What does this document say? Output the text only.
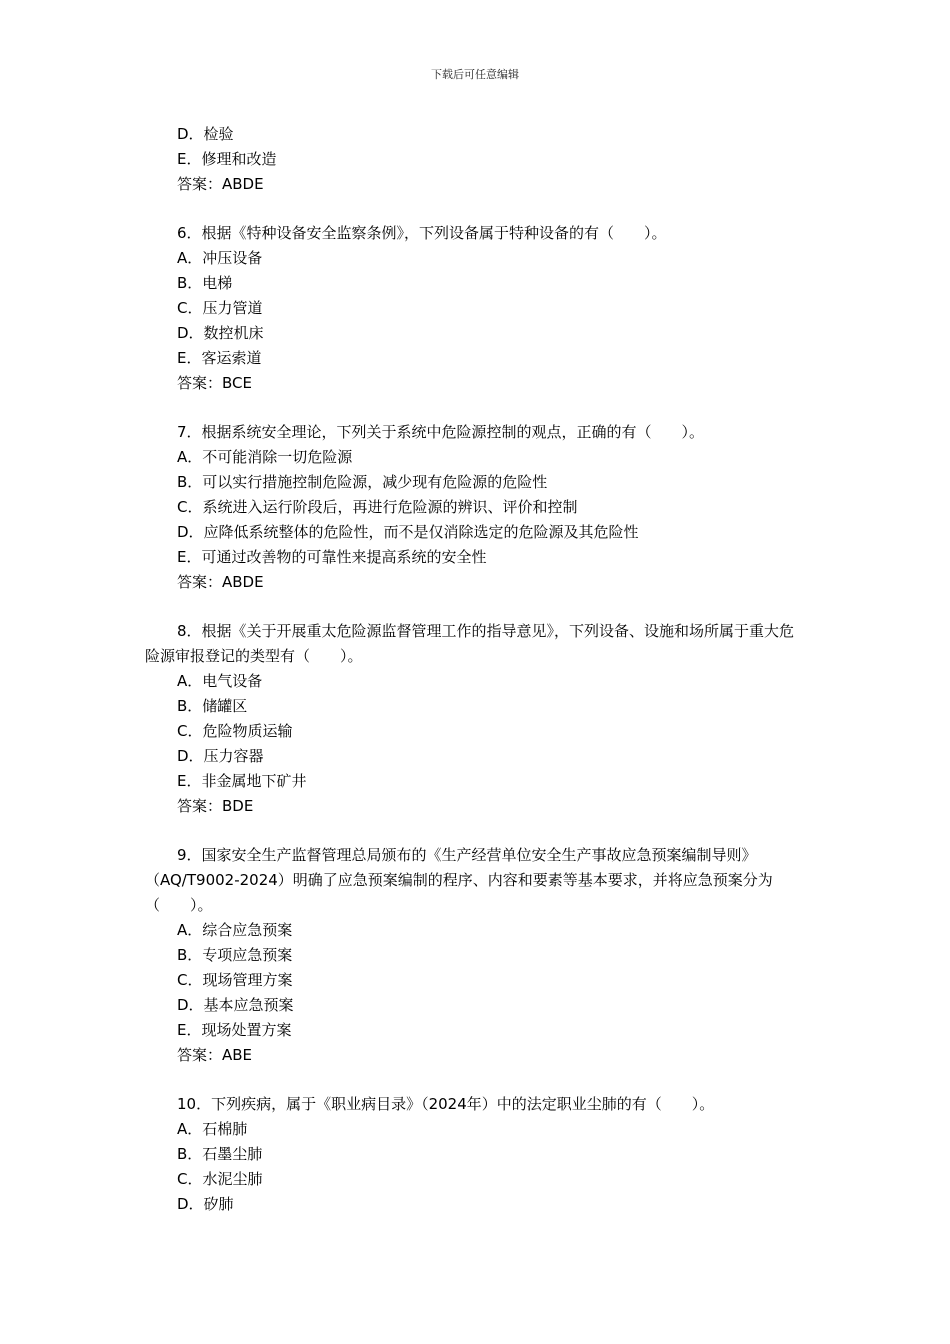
下载后可任意编辑
D．检验
E．修理和改造
答案：ABDE
6．根据《特种设备安全监察条例》，下列设备属于特种设备的有（　　）。
A．冲压设备
B．电梯
C．压力管道
D．数控机床
E．客运索道
答案：BCE
7．根据系统安全理论，下列关于系统中危险源控制的观点，正确的有（　　）。
A．不可能消除一切危险源
B．可以实行措施控制危险源，减少现有危险源的危险性
C．系统进入运行阶段后，再进行危险源的辨识、评价和控制
D．应降低系统整体的危险性，而不是仅消除选定的危险源及其危险性
E．可通过改善物的可靠性来提高系统的安全性
答案：ABDE
8．根据《关于开展重太危险源监督管理工作的指导意见》，下列设备、设施和场所属于重大危险源审报登记的类型有（　　）。
A．电气设备
B．储罐区
C．危险物质运输
D．压力容器
E．非金属地下矿井
答案：BDE
9．国家安全生产监督管理总局颁布的《生产经营单位安全生产事故应急预案编制导则》（AQ/T9002-2024）明确了应急预案编制的程序、内容和要素等基本要求，并将应急预案分为（　　）。
A．综合应急预案
B．专项应急预案
C．现场管理方案
D．基本应急预案
E．现场处置方案
答案：ABE
10．下列疾病，属于《职业病目录》（2024年）中的法定职业尘肺的有（　　）。
A．石棉肺
B．石墨尘肺
C．水泥尘肺
D．矽肺
